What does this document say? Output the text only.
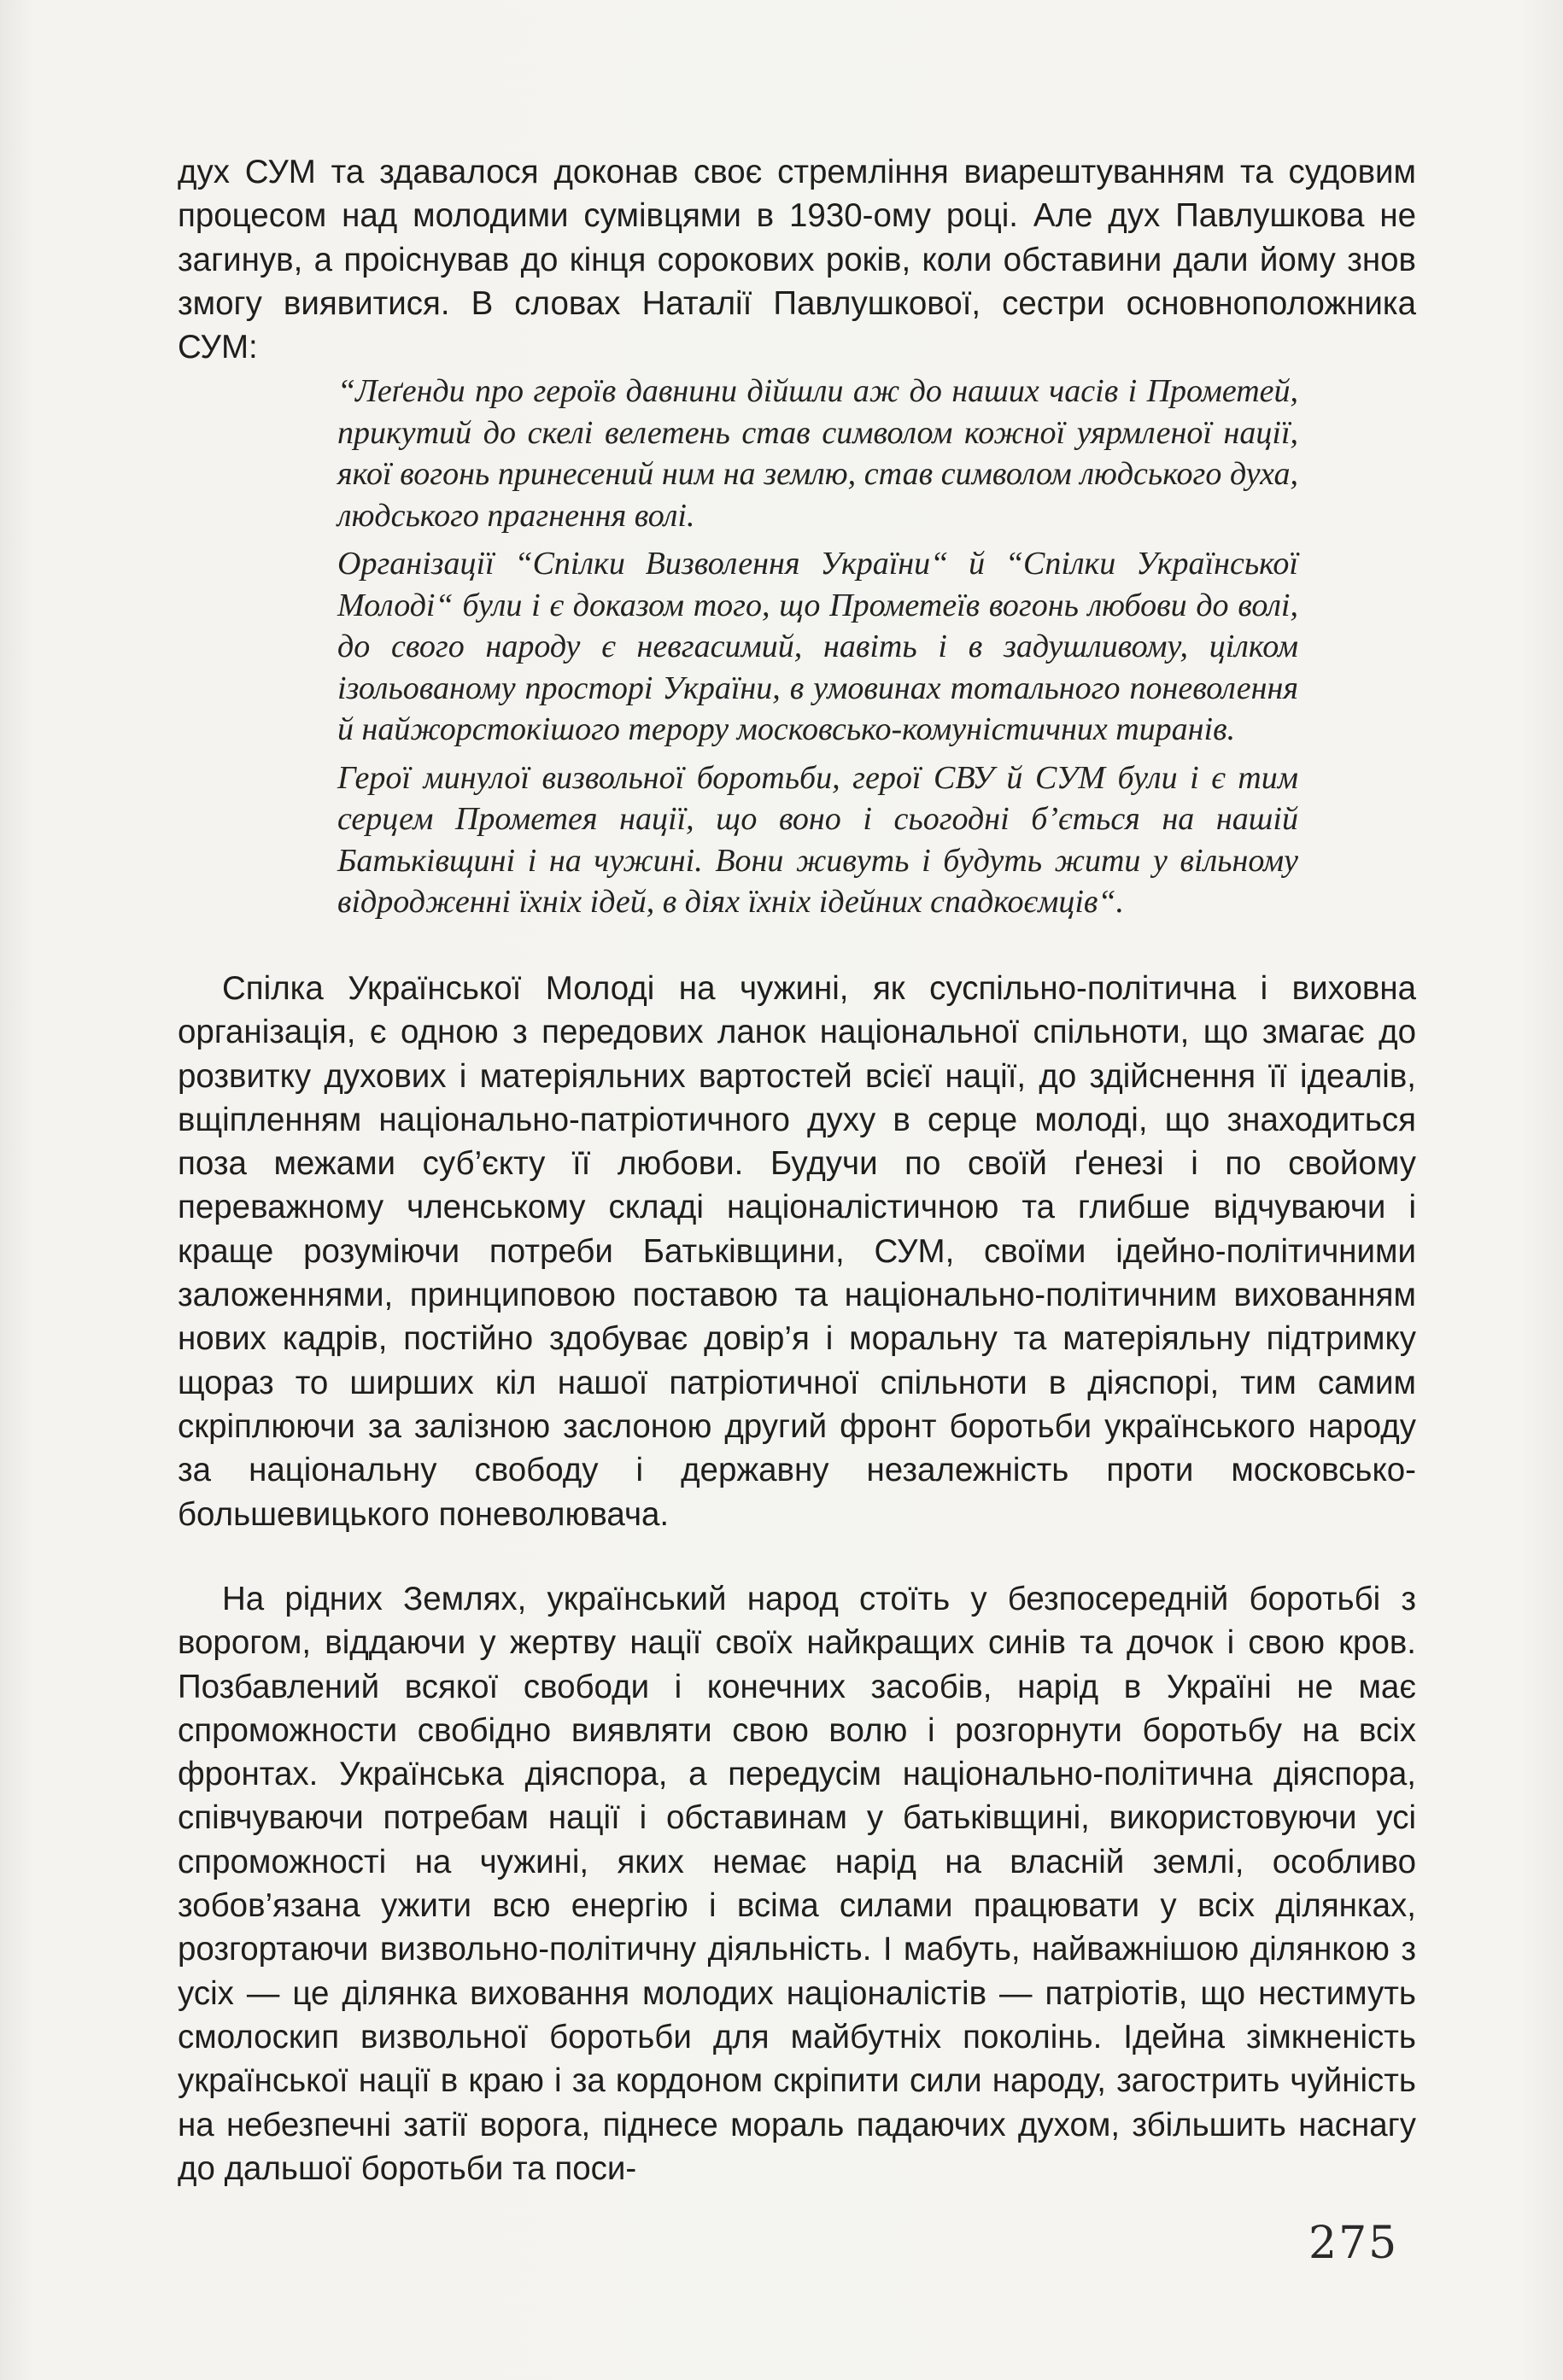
дух СУМ та здавалося доконав своє стремління виарештуванням та судовим процесом над молодими сумівцями в 1930-ому році. Але дух Павлушкова не загинув, а проіснував до кінця сорокових років, коли обставини дали йому знов змогу виявитися. В словах Наталії Павлушкової, сестри основноположника СУМ:

“Леґенди про героїв давнини дійшли аж до наших часів і Прометей, прикутий до скелі велетень став символом кожної уярмленої нації, якої вогонь принесений ним на землю, став символом людського духа, людського прагнення волі.

Організації “Спілки Визволення України“ й “Спілки Української Молоді“ були і є доказом того, що Прометеїв вогонь любови до волі, до свого народу є невгасимий, навіть і в задушливому, цілком ізольованому просторі України, в умовинах тотального поневолення й найжорстокішого терору московсько-комуністичних тиранів.

Герої минулої визвольної боротьби, герої СВУ й СУМ були і є тим серцем Прометея нації, що воно і сьогодні б’ється на нашій Батьківщині і на чужині. Вони живуть і будуть жити у вільному відродженні їхніх ідей, в діях їхніх ідейних спадкоємців“.

Спілка Української Молоді на чужині, як суспільно-політична і виховна організація, є одною з передових ланок національної спільноти, що змагає до розвитку духових і матеріяльних вартостей всієї нації, до здійснення її ідеалів, вщіпленням національно-патріотичного духу в серце молоді, що знаходиться поза межами суб’єкту її любови. Будучи по своїй ґенезі і по свойому переважному членському складі націоналістичною та глибше відчуваючи і краще розуміючи потреби Батьківщини, СУМ, своїми ідейно-політичними заложеннями, принциповою поставою та національно-політичним вихованням нових кадрів, постійно здобуває довір’я і моральну та матеріяльну підтримку щораз то ширших кіл нашої патріотичної спільноти в діяспорі, тим самим скріплюючи за залізною заслоною другий фронт боротьби українського народу за національну свободу і державну незалежність проти московсько-большевицького поневолювача.

На рідних Землях, український народ стоїть у безпосередній боротьбі з ворогом, віддаючи у жертву нації своїх найкращих синів та дочок і свою кров. Позбавлений всякої свободи і конечних засобів, нарід в Україні не має спроможности свобідно виявляти свою волю і розгорнути боротьбу на всіх фронтах. Українська діяспора, а передусім національно-політична діяспора, співчуваючи потребам нації і обставинам у батьківщині, використовуючи усі спроможності на чужині, яких немає нарід на власній землі, особливо зобов’язана ужити всю енергію і всіма силами працювати у всіх ділянках, розгортаючи визвольно-політичну діяльність. І мабуть, найважнішою ділянкою з усіх — це ділянка виховання молодих націоналістів — патріотів, що нестимуть смолоскип визвольної боротьби для майбутніх поколінь. Ідейна зімкненість української нації в краю і за кордоном скріпити сили народу, загострить чуйність на небезпечні затії ворога, піднесе мораль падаючих духом, збільшить наснагу до дальшої боротьби та поси-

275
